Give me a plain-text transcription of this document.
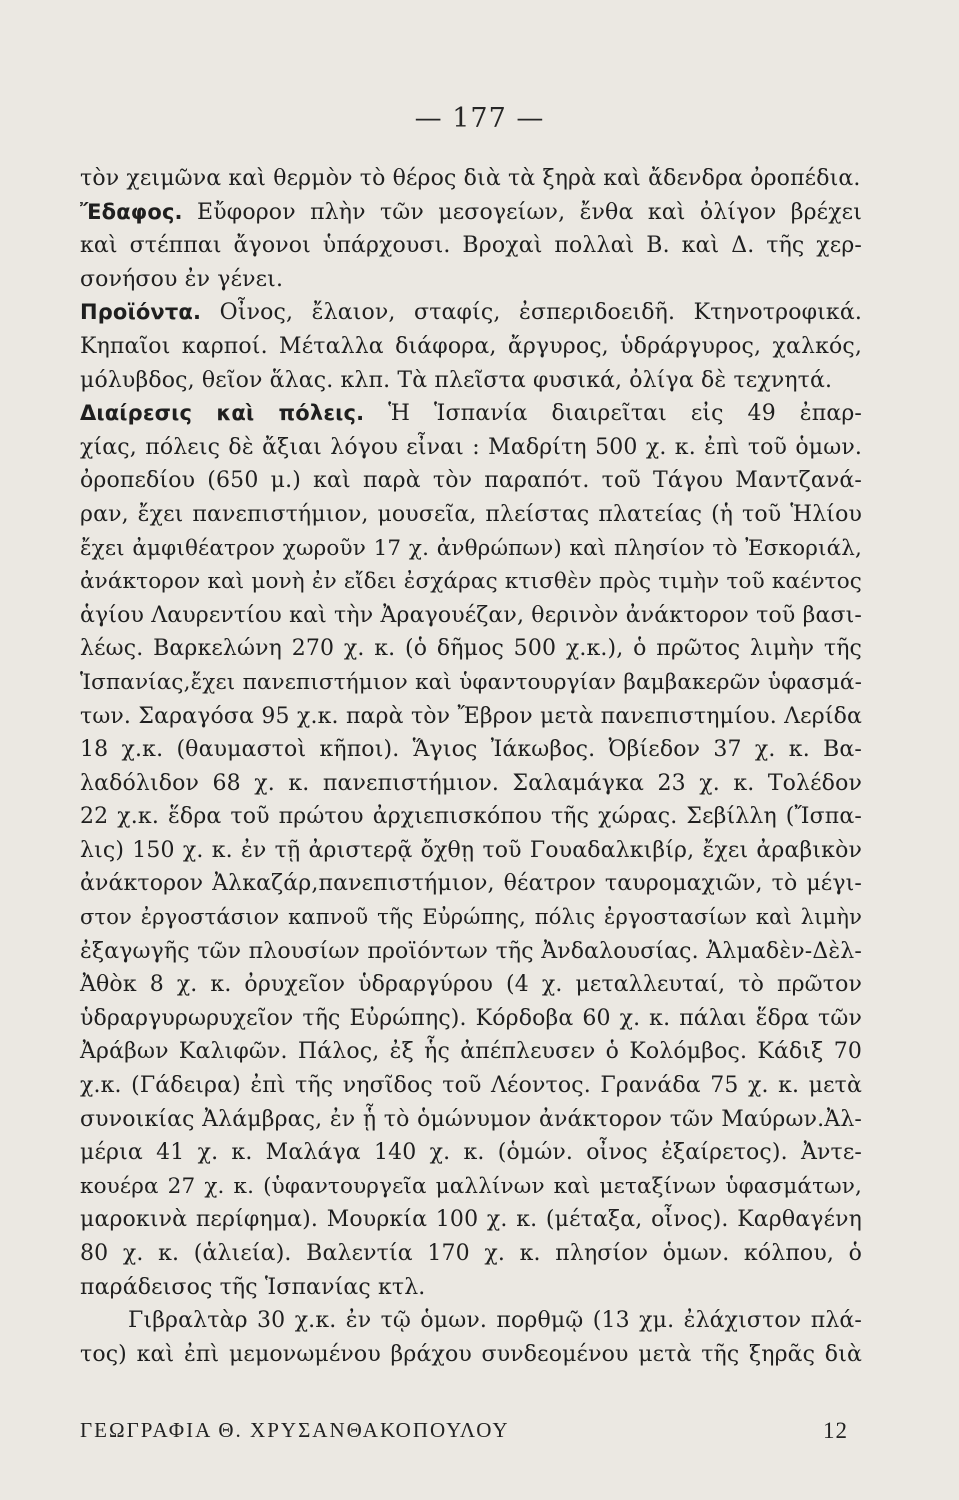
— 177 —
τὸν χειμῶνα καὶ θερμὸν τὸ θέρος διὰ τὰ ξηρὰ καὶ ἄδενδρα ὀροπέδια.
Ἔδαφος. Εὔφορον πλὴν τῶν μεσογείων, ἔνθα καὶ ὀλίγον βρέχει
καὶ στέππαι ἄγονοι ὑπάρχουσι. Βροχαὶ πολλαὶ Β. καὶ Δ. τῆς χερ-
σονήσου ἐν γένει.
Προϊόντα. Οἶνος, ἔλαιον, σταφίς, ἐσπεριδοειδῆ. Κτηνοτροφικά.
Κηπαῖοι καρποί. Μέταλλα διάφορα, ἄργυρος, ὑδράργυρος, χαλκός,
μόλυβδος, θεῖον ἅλας. κλπ. Τὰ πλεῖστα φυσικά, ὀλίγα δὲ τεχνητά.
Διαίρεσις καὶ πόλεις. Ἡ Ἱσπανία διαιρεῖται εἰς 49 ἐπαρ-
χίας, πόλεις δὲ ἄξιαι λόγου εἶναι : Μαδρίτη 500 χ. κ. ἐπὶ τοῦ ὁμων.
ὀροπεδίου (650 μ.) καὶ παρὰ τὸν παραπότ. τοῦ Τάγου Μαντζανά-
ραν, ἔχει πανεπιστήμιον, μουσεῖα, πλείστας πλατείας (ἡ τοῦ Ἡλίου
ἔχει ἀμφιθέατρον χωροῦν 17 χ. ἀνθρώπων) καὶ πλησίον τὸ Ἐσκοριάλ,
ἀνάκτορον καὶ μονὴ ἐν εἴδει ἐσχάρας κτισθὲν πρὸς τιμὴν τοῦ καέντος
ἁγίου Λαυρεντίου καὶ τὴν Ἀραγουέζαν, θερινὸν ἀνάκτορον τοῦ βασι-
λέως. Βαρκελώνη 270 χ. κ. (ὁ δῆμος 500 χ.κ.), ὁ πρῶτος λιμὴν τῆς
Ἱσπανίας,ἔχει πανεπιστήμιον καὶ ὑφαντουργίαν βαμβακερῶν ὑφασμά-
των. Σαραγόσα 95 χ.κ. παρὰ τὸν Ἔβρον μετὰ πανεπιστημίου. Λερίδα
18 χ.κ. (θαυμαστοὶ κῆποι). Ἅγιος Ἰάκωβος. Ὀβίεδον 37 χ. κ. Βα-
λαδόλιδον 68 χ. κ. πανεπιστήμιον. Σαλαμάγκα 23 χ. κ. Τολέδον
22 χ.κ. ἕδρα τοῦ πρώτου ἀρχιεπισκόπου τῆς χώρας. Σεβίλλη (Ἴσπα-
λις) 150 χ. κ. ἐν τῇ ἀριστερᾷ ὄχθῃ τοῦ Γουαδαλκιβίρ, ἔχει ἀραβικὸν
ἀνάκτορον Ἀλκαζάρ,πανεπιστήμιον, θέατρον ταυρομαχιῶν, τὸ μέγι-
στον ἐργοστάσιον καπνοῦ τῆς Εὐρώπης, πόλις ἐργοστασίων καὶ λιμὴν
ἐξαγωγῆς τῶν πλουσίων προϊόντων τῆς Ἀνδαλουσίας. Ἀλμαδὲν-Δὲλ-
Ἀθὸκ 8 χ. κ. ὀρυχεῖον ὑδραργύρου (4 χ. μεταλλευταί, τὸ πρῶτον
ὑδραργυρωρυχεῖον τῆς Εὐρώπης). Κόρδοβα 60 χ. κ. πάλαι ἕδρα τῶν
Ἀράβων Καλιφῶν. Πάλος, ἐξ ἧς ἀπέπλευσεν ὁ Κολόμβος. Κάδιξ 70
χ.κ. (Γάδειρα) ἐπὶ τῆς νησῖδος τοῦ Λέοντος. Γρανάδα 75 χ. κ. μετὰ
συνοικίας Ἀλάμβρας, ἐν ᾗ τὸ ὁμώνυμον ἀνάκτορον τῶν Μαύρων.Ἀλ-
μέρια 41 χ. κ. Μαλάγα 140 χ. κ. (ὁμών. οἶνος ἐξαίρετος). Ἀντε-
κουέρα 27 χ. κ. (ὑφαντουργεῖα μαλλίνων καὶ μεταξίνων ὑφασμάτων,
μαροκινὰ περίφημα). Μουρκία 100 χ. κ. (μέταξα, οἶνος). Καρθαγένη
80 χ. κ. (ἁλιεία). Βαλεντία 170 χ. κ. πλησίον ὁμων. κόλπου, ὁ
παράδεισος τῆς Ἱσπανίας κτλ.
Γιβραλτὰρ 30 χ.κ. ἐν τῷ ὁμων. πορθμῷ (13 χμ. ἐλάχιστον πλά-
τος) καὶ ἐπὶ μεμονωμένου βράχου συνδεομένου μετὰ τῆς ξηρᾶς διὰ
ΓΕΩΓΡΑΦΙΑ Θ. ΧΡΥΣΑΝΘΑΚΟΠΟΥΛΟΥ	12
